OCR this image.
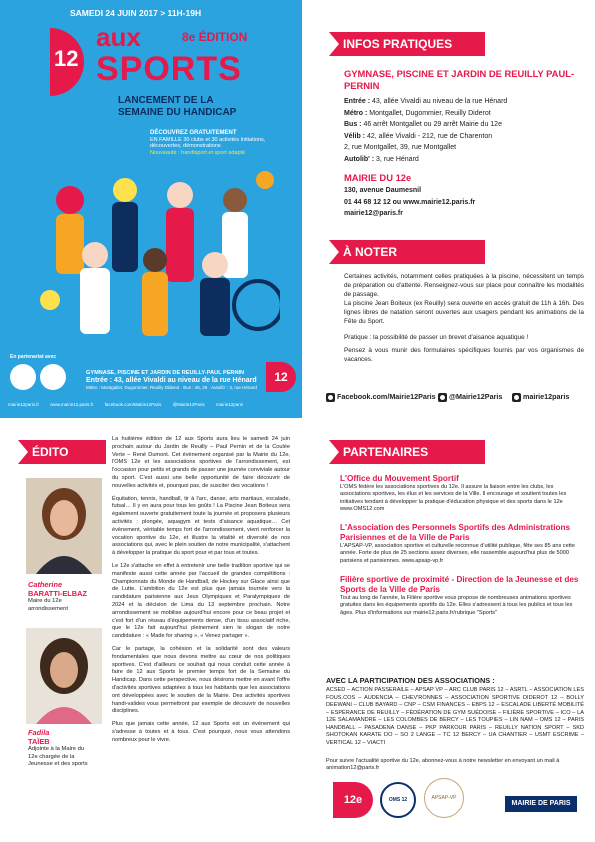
SAMEDI 24 JUIN 2017 > 11H-19H
12
aux	8e ÉDITION
SPORTS
LANCEMENT DE LA
SEMAINE DU HANDICAP
DÉCOUVREZ GRATUITEMENT
EN FAMILLE 30 clubs et 30 activités Initiations, découvertes, démonstrations
Nouveauté : handisport et sport adapté
En partenariat avec
GYMNASE, PISCINE ET JARDIN DE REUILLY-PAUL PERNIN
Entrée : 43, allée Vivaldi au niveau de la rue Hénard
Métro : Montgallet, Dugommier, Reuilly Diderot · Bus : 46, 29 · Autolib' : 3, rue Hénard
12
mairie12paris.fr	www.mairie12.paris.fr	facebook.com/Mairie12Paris	@Mairie12Paris	mairie12paris
INFOS PRATIQUES
GYMNASE, PISCINE ET JARDIN DE REUILLY PAUL-PERNIN
Entrée : 43, allée Vivaldi au niveau de la rue Hénard
Métro : Montgallet, Dugommier, Reuilly Diderot
Bus : 46 arrêt Montgallet ou 29 arrêt Mairie du 12e
Vélib : 42, allée Vivaldi - 212, rue de Charenton
2, rue Montgallet, 39, rue Montgallet
Autolib' : 3, rue Hénard
MAIRIE DU 12e
130, avenue Daumesnil
01 44 68 12 12 ou www.mairie12.paris.fr
mairie12@paris.fr
À NOTER

Certaines activités, notamment celles pratiquées à la piscine, nécessitent un temps de préparation ou d'attente. Renseignez-vous sur place pour connaître les modalités de passage.

La piscine Jean Boiteux (ex Reuilly) sera ouverte en accès gratuit de 11h à 16h. Des lignes libres de natation seront ouvertes aux usagers pendant les animations de la Fête du Sport.

Pratique : la possibilité de passer un brevet d'aisance aquatique !

Pensez à vous munir des formulaires spécifiques fournis par vos organismes de vacances.

Facebook.com/Mairie12Paris	@Mairie12Paris	mairie12paris
ÉDITO
Catherine
BARATTI-ELBAZ
Maire du 12e arrondissement
Fadila
TAÏEB
Adjointe à la Maire du 12e chargée de la Jeunesse et des sports

La huitième édition de 12 aux Sports aura lieu le samedi 24 juin prochain autour du Jardin de Reuilly – Paul Pernin et de la Coulée Verte – René Dumont. Cet évènement organisé par la Mairie du 12e, l'OMS 12e et les associations sportives de l'arrondissement, est l'occasion pour petits et grands de passer une journée conviviale autour du sport. C'est aussi une belle opportunité de faire découvrir de nouvelles activités et, pourquoi pas, de susciter des vocations !

Équitation, tennis, handball, tir à l'arc, danse, arts martiaux, escalade, futsal… Il y en aura pour tous les goûts ! La Piscine Jean Boiteux sera également ouverte gratuitement toute la journée et proposera plusieurs activités : plongée, aquagym et tests d'aisance aquatique… Cet évènement, véritable temps fort de l'arrondissement, vient renforcer la vocation sportive du 12e, et illustre la vitalité et diversité de nos associations qui, avec le plein soutien de notre municipalité, s'attachent à développer la pratique du sport pour et par tous et toutes.

Le 12e s'attache en effet à entretenir une belle tradition sportive qui se manifeste aussi cette année par l'accueil de grandes compétitions : Championnats du Monde de Handball, de Hockey sur Glace ainsi que de Lutte. L'ambition du 12e est plus que jamais tournée vers la candidature parisienne aux Jeux Olympiques et Paralympiques de 2024 et la décision de Lima du 13 septembre prochain. Notre arrondissement se mobilise aujourd'hui encore pour ce beau projet et c'est fort d'un réseau d'équipements dense, d'un tissu associatif riche, que le 12e fait aujourd'hui pleinement sien le slogan de notre candidature : « Made for sharing », « Venez partager ».

Car le partage, la cohésion et la solidarité sont des valeurs fondamentales que nous devons mettre au cœur de nos politiques sportives. C'est d'ailleurs ce souhait qui nous conduit cette année à faire de 12 aux Sports le premier temps fort de la Semaine du Handicap. Dans cette perspective, nous désirons mettre en avant l'offre d'activités sportives adaptées à tous les habitants que les associations ont développées avec le soutien de la Mairie. Des activités sportives handi-valides vous permettront par exemple de découvrir de nouvelles disciplines.

Plus que jamais cette année, 12 aux Sports est un événement qui s'adresse à toutes et à tous. C'est pourquoi, nous vous attendons nombreux pour le vivre.

PARTENAIRES
L'Office du Mouvement Sportif
L'OMS fédère les associations sportives du 12e. Il assure la liaison entre les clubs, les associations sportives, les élus et les services de la Ville. Il encourage et soutient toutes les initiatives tendant à développer la pratique d'éducation physique et des sports dans le 12e www.OMS12.com
L'Association des Personnels Sportifs des Administrations Parisiennes et de la Ville de Paris
L'APSAP-VP, association sportive et culturelle reconnue d'utilité publique, fête ses 85 ans cette année. Forte de plus de 25 sections assez diverses, elle rassemble aujourd'hui plus de 5000 parisiens et parisiennes. www.apsap-vp.fr
Filière sportive de proximité - Direction de la Jeunesse et des Sports de la Ville de Paris
Tout au long de l'année, la Filière sportive vous propose de nombreuses animations sportives gratuites dans les équipements sportifs du 12e. Elles s'adressent à tous les publics et tous les âges. Plus d'informations sur mairie12.paris.fr/rubrique "Sports"
AVEC LA PARTICIPATION DES ASSOCIATIONS :
ACSED – ACTION PASSERAILE – APSAP VP – ARC CLUB PARIS 12 – ASRTL – ASSOCIATION LES FOUS.COS – AUDENCIA – CHEV'RONNES – ASSOCIATION SPORTIVE DIDEROT 12 – BOLLY DEEWANI – CLUB BAYARD – CNP – CSM FINANCES – EBPS 12 – ESCALADE LIBERTÉ MOBILITÉ – ESPÉRANCE DE REUILLY – FÉDÉRATION DE GYM SUÉDOISE – FILIÈRE SPORTIVE – ICO – LA 12E SALAMANDRE – LES COLOMBES DE BERCY – LES TOUPIES – LIN NAM – OMS 12 – PARIS HANDBALL – PASADENA DANSE – PKP PARKOUR PARIS – REUILLY NATION SPORT – SKD SHOTOKAN KARATE DO – SO 2 LANGE – TC 12 BERCY – UA CHANTIER – USMT ESCRIME – VERTICAL 12 – VIACTI
Pour suivre l'actualité sportive du 12e, abonnez-vous à notre newsletter en envoyant un mail à animation12@paris.fr
12e	OMS 12	APSAP-VP
MAIRIE DE PARIS
